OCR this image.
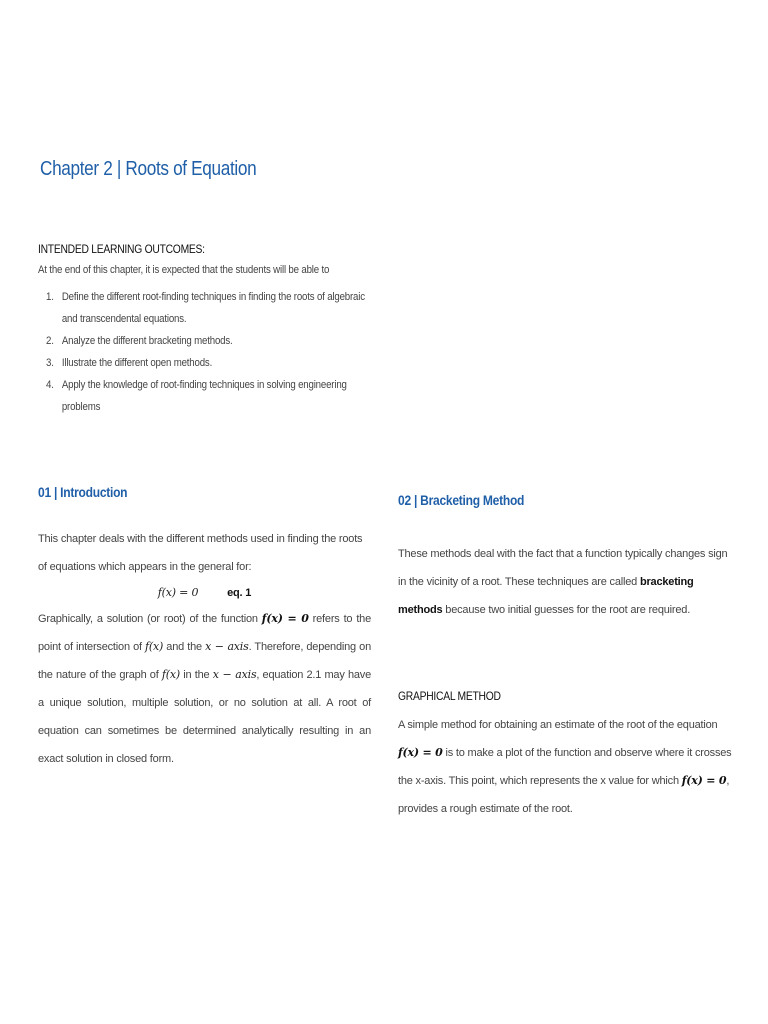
Chapter 2 | Roots of Equation
INTENDED LEARNING OUTCOMES:
At the end of this chapter, it is expected that the students will be able to
1. Define the different root-finding techniques in finding the roots of algebraic and transcendental equations.
2. Analyze the different bracketing methods.
3. Illustrate the different open methods.
4. Apply the knowledge of root-finding techniques in solving engineering problems
01 | Introduction

This chapter deals with the different methods used in finding the roots of equations which appears in the general for:

f(x) = 0	eq. 1

Graphically, a solution (or root) of the function f(x) = 0 refers to the point of intersection of f(x) and the x − axis. Therefore, depending on the nature of the graph of f(x) in the x − axis, equation 2.1 may have a unique solution, multiple solution, or no solution at all. A root of equation can sometimes be determined analytically resulting in an exact solution in closed form.

02 | Bracketing Method

These methods deal with the fact that a function typically changes sign in the vicinity of a root. These techniques are called bracketing methods because two initial guesses for the root are required.

GRAPHICAL METHOD

A simple method for obtaining an estimate of the root of the equation f(x) = 0 is to make a plot of the function and observe where it crosses the x-axis. This point, which represents the x value for which f(x) = 0, provides a rough estimate of the root.
